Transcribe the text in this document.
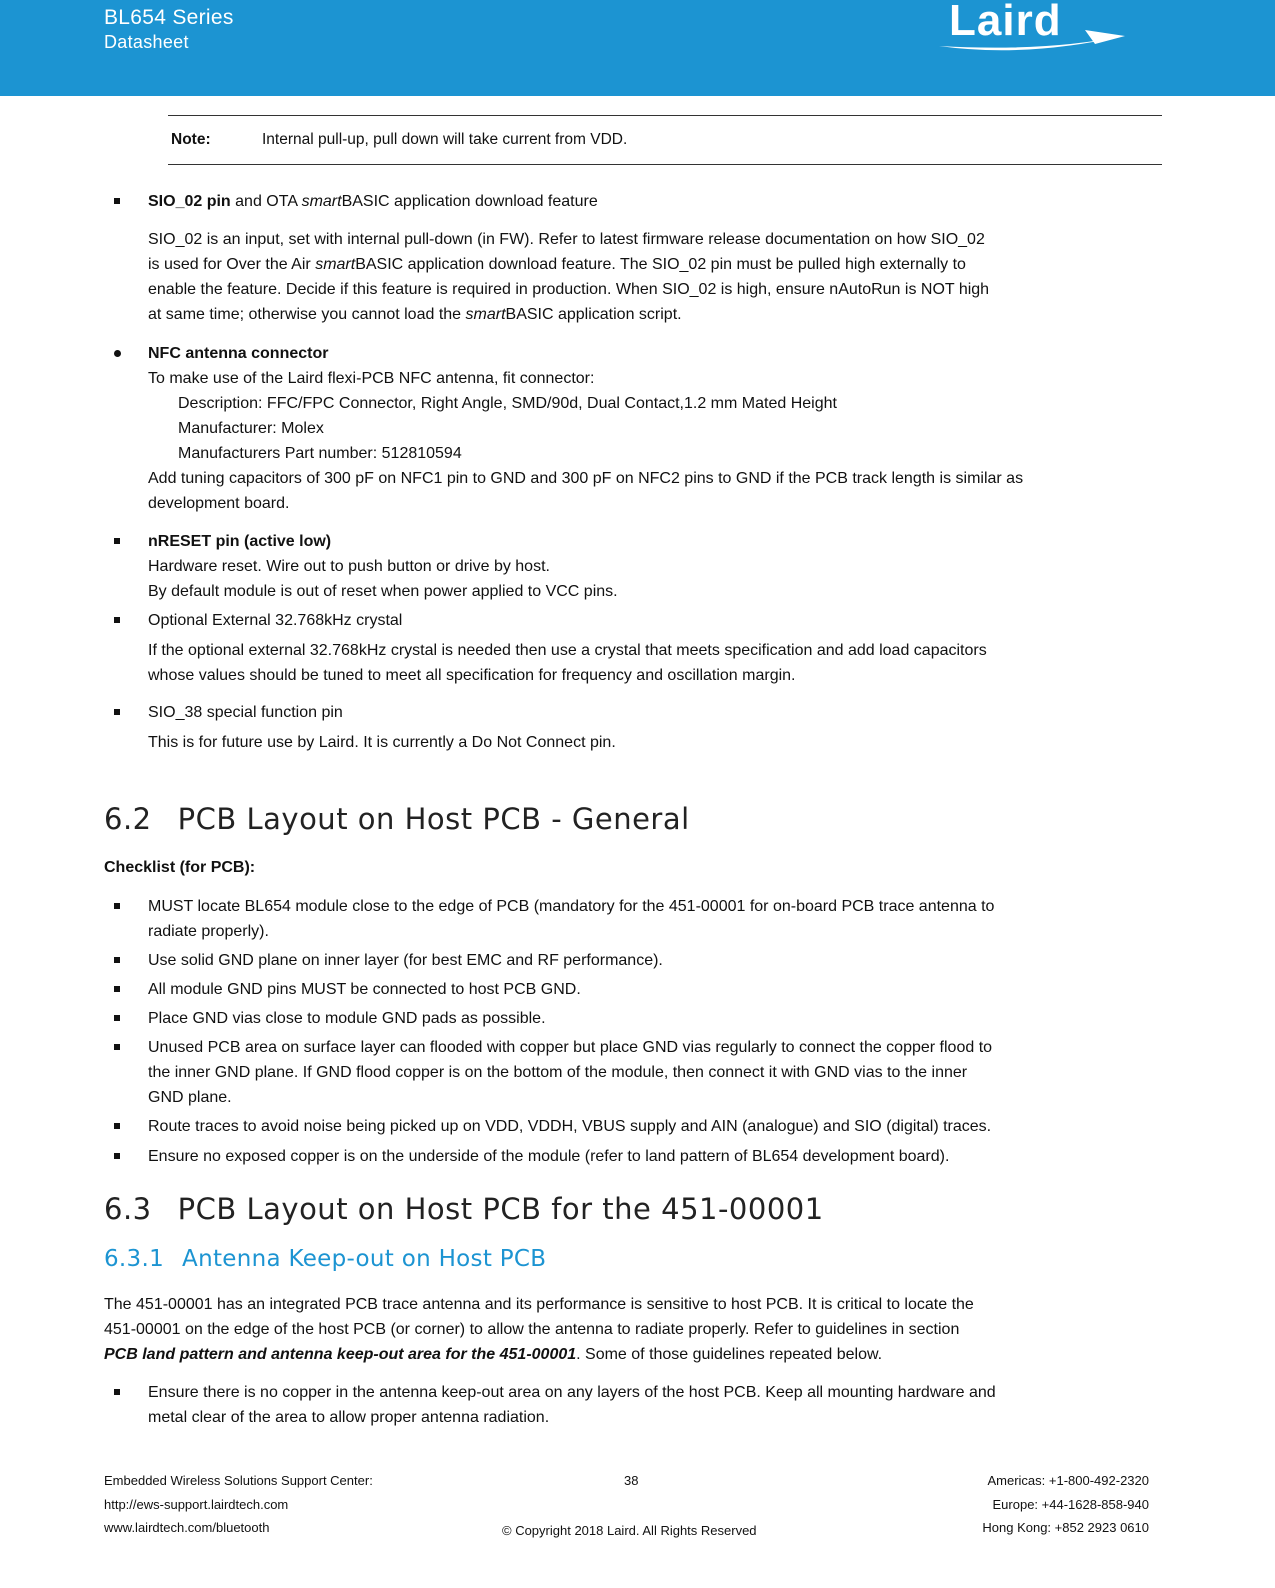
BL654 Series
Datasheet	Laird
Note:	Internal pull-up, pull down will take current from VDD.
SIO_02 pin and OTA smartBASIC application download feature
SIO_02 is an input, set with internal pull-down (in FW). Refer to latest firmware release documentation on how SIO_02
is used for Over the Air smartBASIC application download feature. The SIO_02 pin must be pulled high externally to
enable the feature. Decide if this feature is required in production. When SIO_02 is high, ensure nAutoRun is NOT high
at same time; otherwise you cannot load the smartBASIC application script.
NFC antenna connector
To make use of the Laird flexi-PCB NFC antenna, fit connector:
Description: FFC/FPC Connector, Right Angle, SMD/90d, Dual Contact,1.2 mm Mated Height
Manufacturer: Molex
Manufacturers Part number: 512810594
Add tuning capacitors of 300 pF on NFC1 pin to GND and 300 pF on NFC2 pins to GND if the PCB track length is similar as
development board.
nRESET pin (active low)
Hardware reset. Wire out to push button or drive by host.
By default module is out of reset when power applied to VCC pins.
Optional External 32.768kHz crystal
If the optional external 32.768kHz crystal is needed then use a crystal that meets specification and add load capacitors
whose values should be tuned to meet all specification for frequency and oscillation margin.
SIO_38 special function pin
This is for future use by Laird. It is currently a Do Not Connect pin.
6.2 PCB Layout on Host PCB - General
Checklist (for PCB):
MUST locate BL654 module close to the edge of PCB (mandatory for the 451-00001 for on-board PCB trace antenna to
radiate properly).
Use solid GND plane on inner layer (for best EMC and RF performance).
All module GND pins MUST be connected to host PCB GND.
Place GND vias close to module GND pads as possible.
Unused PCB area on surface layer can flooded with copper but place GND vias regularly to connect the copper flood to
the inner GND plane. If GND flood copper is on the bottom of the module, then connect it with GND vias to the inner
GND plane.
Route traces to avoid noise being picked up on VDD, VDDH, VBUS supply and AIN (analogue) and SIO (digital) traces.
Ensure no exposed copper is on the underside of the module (refer to land pattern of BL654 development board).
6.3 PCB Layout on Host PCB for the 451-00001
6.3.1 Antenna Keep-out on Host PCB
The 451-00001 has an integrated PCB trace antenna and its performance is sensitive to host PCB. It is critical to locate the
451-00001 on the edge of the host PCB (or corner) to allow the antenna to radiate properly. Refer to guidelines in section
PCB land pattern and antenna keep-out area for the 451-00001. Some of those guidelines repeated below.
Ensure there is no copper in the antenna keep-out area on any layers of the host PCB. Keep all mounting hardware and
metal clear of the area to allow proper antenna radiation.
Embedded Wireless Solutions Support Center:
http://ews-support.lairdtech.com
www.lairdtech.com/bluetooth
38
© Copyright 2018 Laird. All Rights Reserved
Americas: +1-800-492-2320
Europe: +44-1628-858-940
Hong Kong: +852 2923 0610
